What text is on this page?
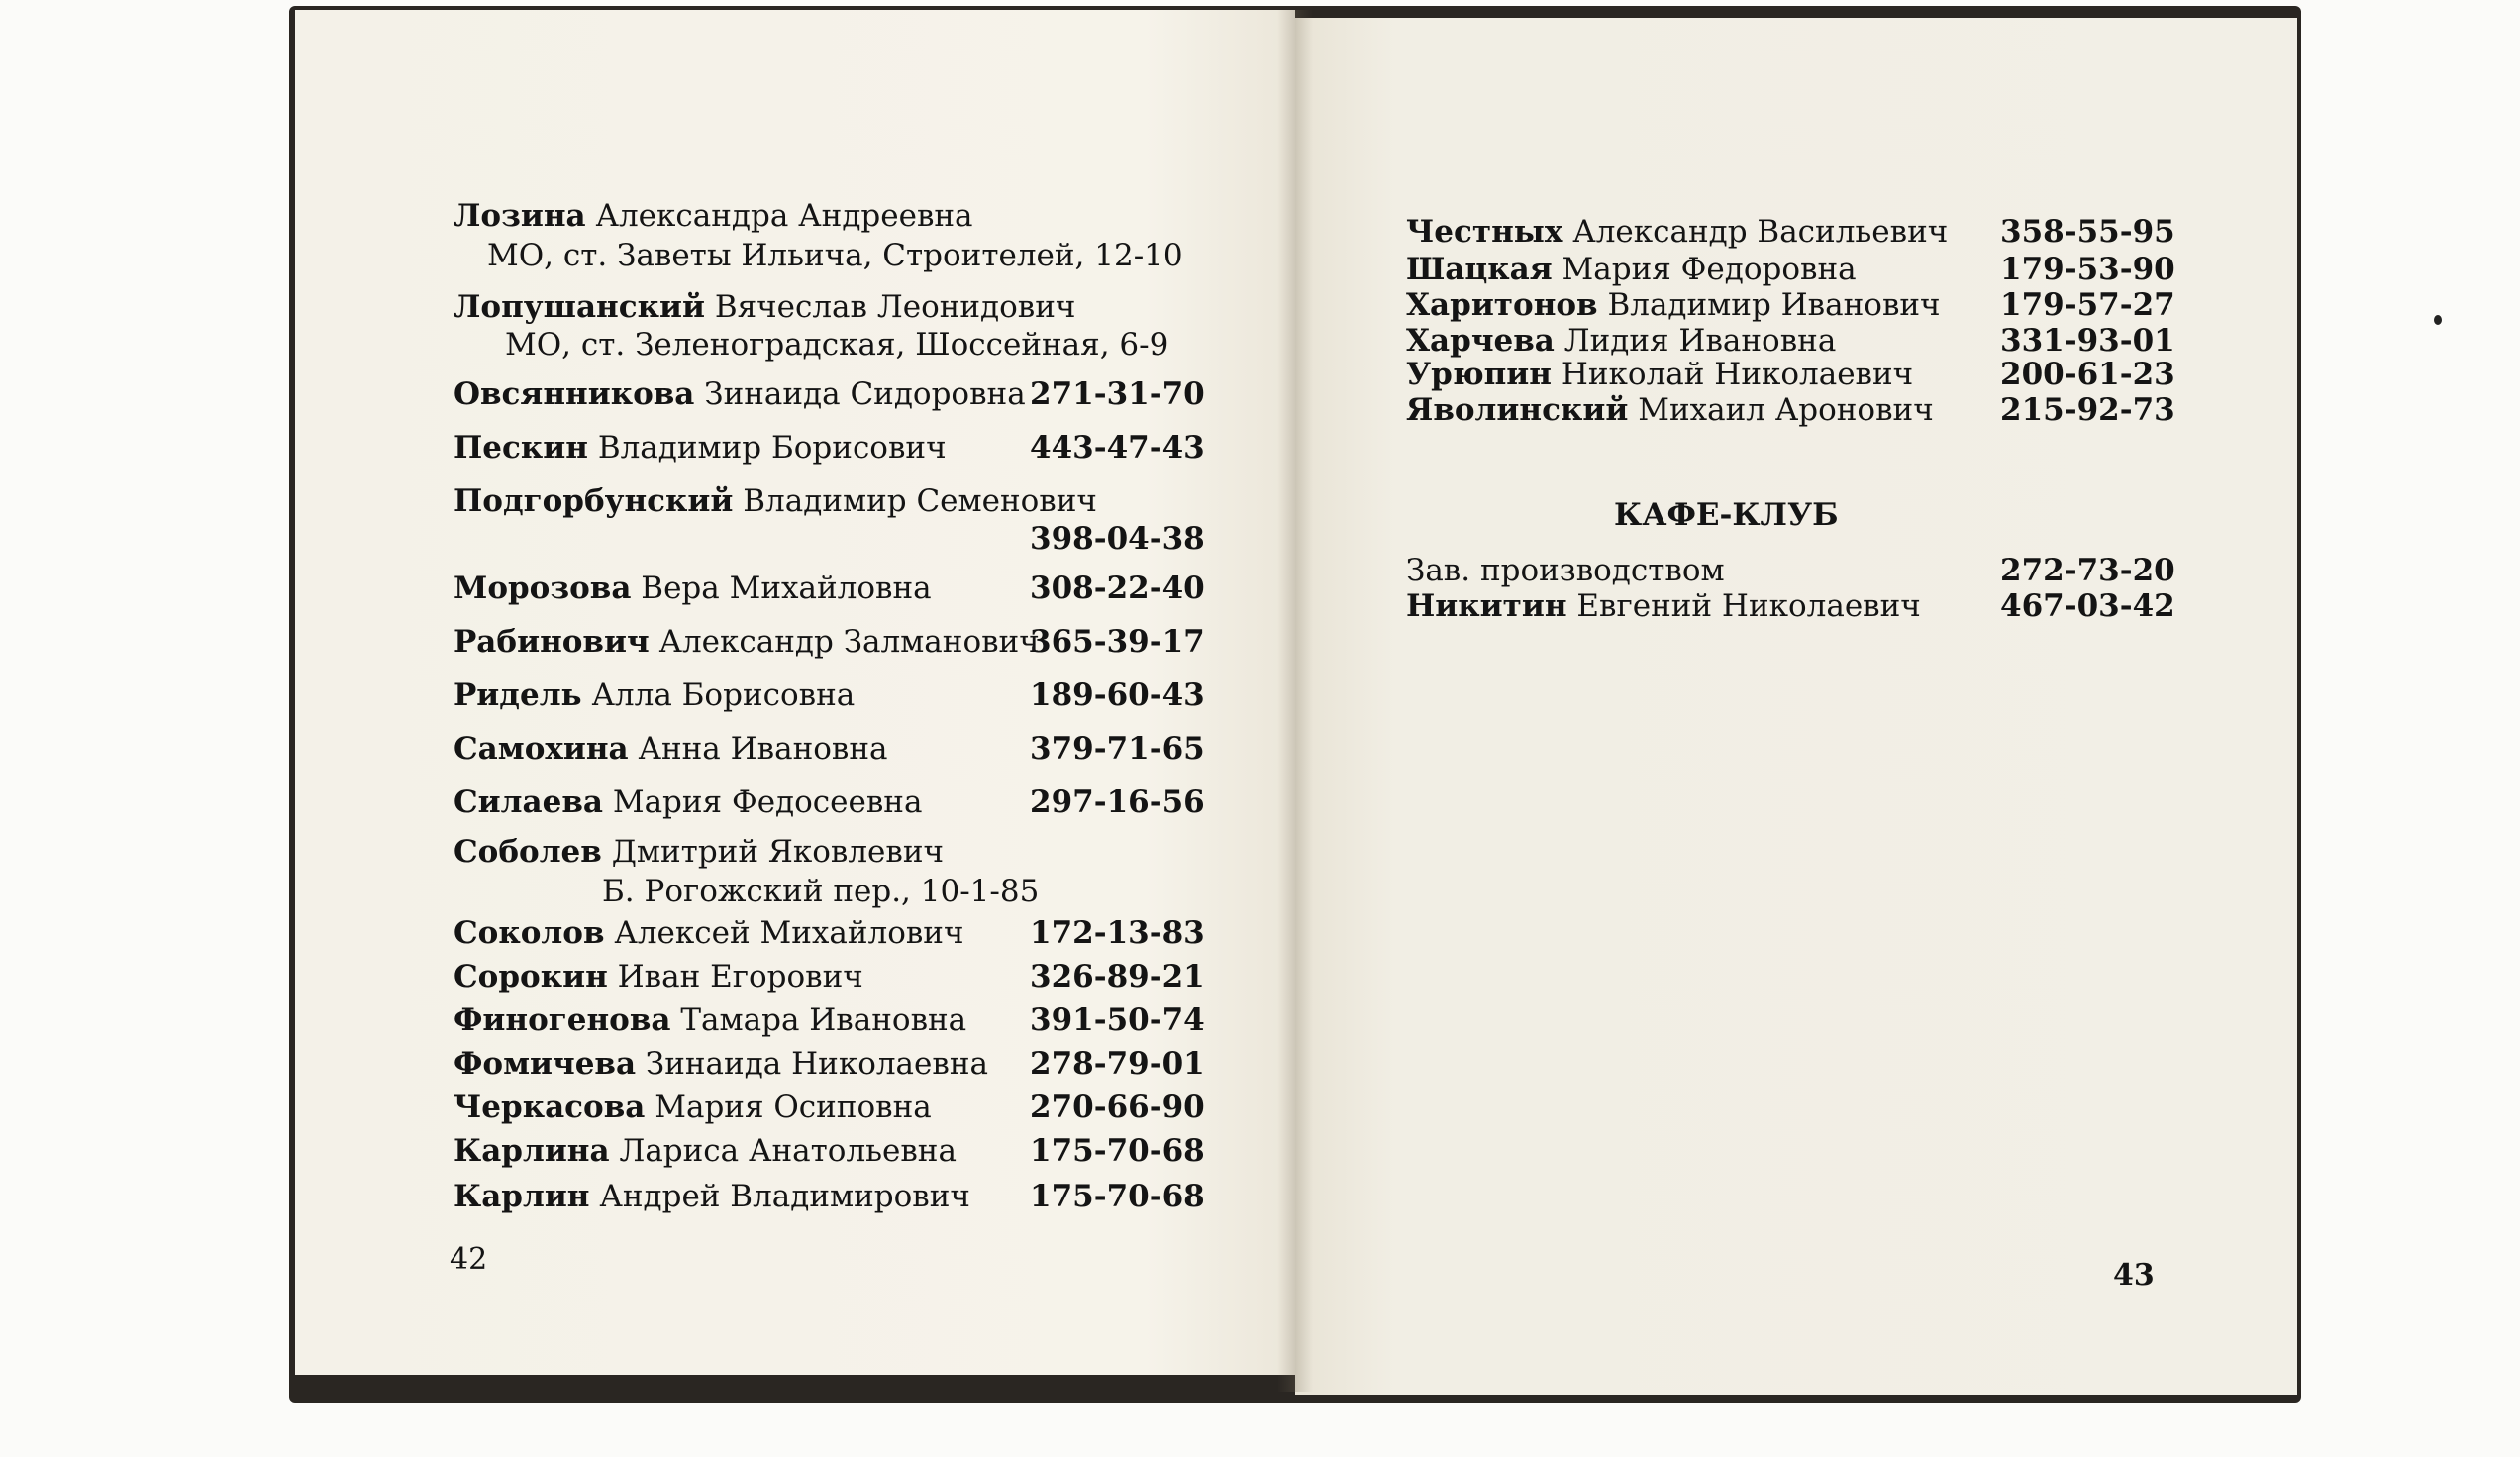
Лозина Александра Андреевна
МО, ст. Заветы Ильича, Строителей, 12-10
Лопушанский Вячеслав Леонидович
МО, ст. Зеленоградская, Шоссейная, 6-9
Овсянникова Зинаида Сидоровна 271-31-70
Пескин Владимир Борисович	443-47-43
Подгорбунский Владимир Семенович
398-04-38
Морозова Вера Михайловна	308-22-40
Рабинович Александр Залманович
365-39-17
Ридель Алла Борисовна	189-60-43
Самохина Анна Ивановна	379-71-65
Силаева Мария Федосеевна	297-16-56
Соболев Дмитрий Яковлевич
Б. Рогожский пер., 10-1-85
Соколов Алексей Михайлович 172-13-83
Сорокин Иван Егорович	326-89-21
Финогенова Тамара Ивановна 391-50-74
Фомичева Зинаида Николаевна 278-79-01
Черкасова Мария Осиповна	270-66-90
Карлина Лариса Анатольевна 175-70-68
Карлин Андрей Владимирович 175-70-68
42
Честных Александр Васильевич 358-55-95
Шацкая Мария Федоровна	179-53-90
Харитонов Владимир Иванович 179-57-27
Харчева Лидия Ивановна	331-93-01
Урюпин Николай Николаевич	200-61-23
Яволинский Михаил Аронович 215-92-73
КАФЕ-КЛУБ
Зав. производством	272-73-20
Никитин Евгений Николаевич	467-03-42
43
